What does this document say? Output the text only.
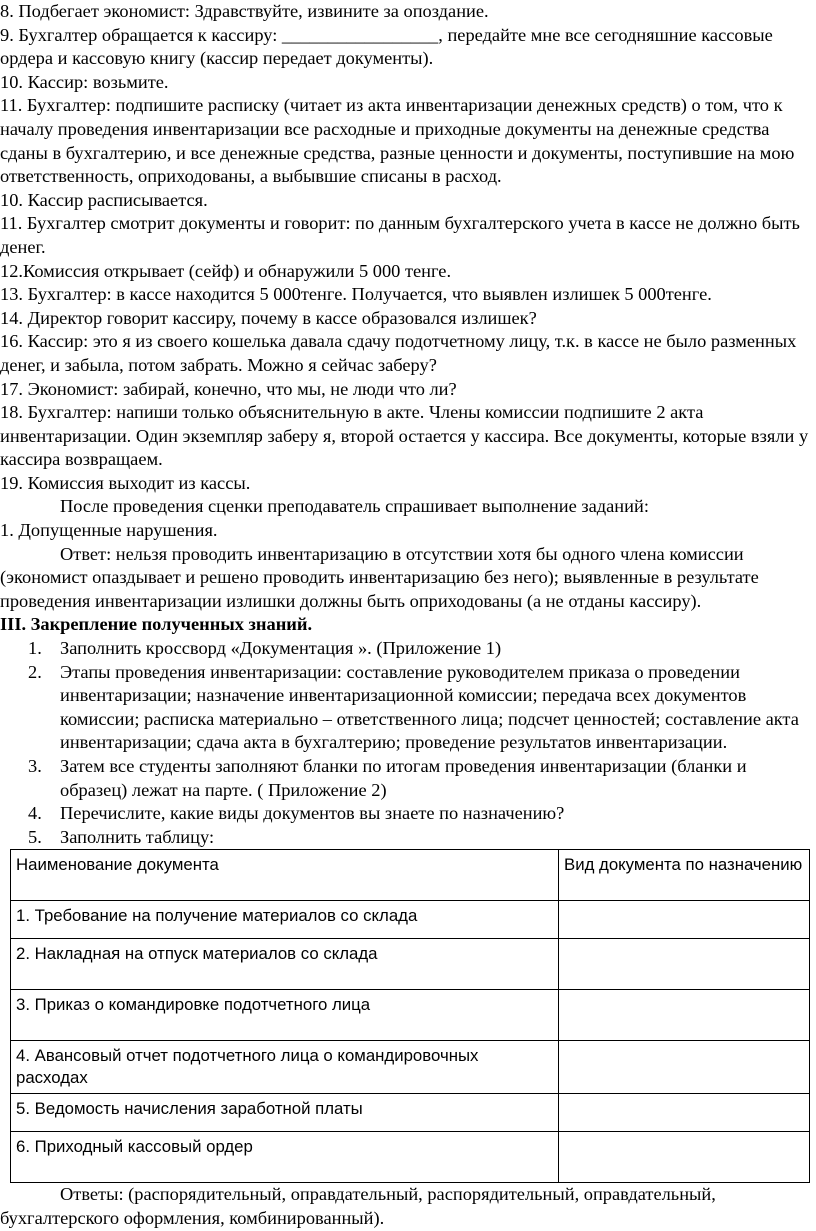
8. Подбегает экономист: Здравствуйте, извините за опоздание.

9. Бухгалтер обращается к кассиру: _________________, передайте мне все сегодняшние кассовые ордера и кассовую книгу (кассир передает документы).

10. Кассир: возьмите.

11. Бухгалтер: подпишите расписку (читает из акта инвентаризации денежных средств) о том, что к началу проведения инвентаризации все расходные и приходные документы на денежные средства сданы в бухгалтерию, и все денежные средства, разные ценности и документы, поступившие на мою ответственность, оприходованы, а выбывшие списаны в расход.

10. Кассир расписывается.

11. Бухгалтер смотрит документы и говорит: по данным бухгалтерского учета в кассе не должно быть денег.

12.Комиссия открывает (сейф) и обнаружили 5 000 тенге.

13. Бухгалтер: в кассе находится 5 000тенге. Получается, что выявлен излишек 5 000тенге.

14. Директор говорит кассиру, почему в кассе образовался излишек?

16. Кассир: это я из своего кошелька давала сдачу подотчетному лицу, т.к. в кассе не было разменных денег, и забыла, потом забрать. Можно я сейчас заберу?

17. Экономист: забирай, конечно, что мы, не люди что ли?

18. Бухгалтер: напиши только объяснительную в акте. Члены комиссии подпишите 2 акта инвентаризации. Один экземпляр заберу я, второй остается у кассира. Все документы, которые взяли у кассира возвращаем.

19. Комиссия выходит из кассы.

После проведения сценки преподаватель спрашивает выполнение заданий:

1. Допущенные нарушения.

Ответ: нельзя проводить инвентаризацию в отсутствии хотя бы одного члена комиссии (экономист опаздывает и решено проводить инвентаризацию без него); выявленные в результате проведения инвентаризации излишки должны быть оприходованы (а не отданы кассиру).

III. Закрепление полученных знаний.

1. Заполнить кроссворд «Документация ». (Приложение 1)
2. Этапы проведения инвентаризации: составление руководителем приказа о проведении инвентаризации; назначение инвентаризационной комиссии; передача всех документов комиссии; расписка материально – ответственного лица; подсчет ценностей; составление акта инвентаризации; сдача акта в бухгалтерию; проведение результатов инвентаризации.
3. Затем все студенты заполняют бланки по итогам проведения инвентаризации (бланки и образец) лежат на парте. ( Приложение 2)
4. Перечислите, какие виды документов вы знаете по назначению?
5. Заполнить таблицу:
Наименование документа	Вид документа по назначению
1. Требование на получение материалов со склада	
2. Накладная на отпуск материалов со склада	
3. Приказ о командировке подотчетного лица	
4. Авансовый отчет подотчетного лица о командировочных расходах	
5. Ведомость начисления заработной платы	
6. Приходный кассовый ордер	

Ответы: (распорядительный, оправдательный, распорядительный, оправдательный, бухгалтерского оформления, комбинированный).
